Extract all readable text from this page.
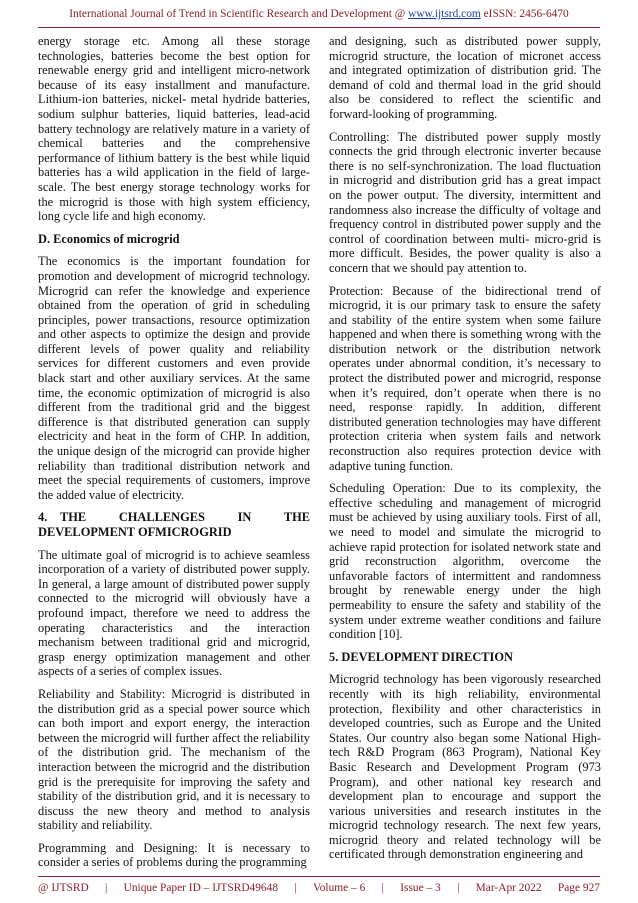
International Journal of Trend in Scientific Research and Development @ www.ijtsrd.com eISSN: 2456-6470

energy storage etc. Among all these storage technologies, batteries become the best option for renewable energy grid and intelligent micro-network because of its easy installment and manufacture. Lithium-ion batteries, nickel- metal hydride batteries, sodium sulphur batteries, liquid batteries, lead-acid battery technology are relatively mature in a variety of chemical batteries and the comprehensive performance of lithium battery is the best while liquid batteries has a wild application in the field of large-scale. The best energy storage technology works for the microgrid is those with high system efficiency, long cycle life and high economy.

D. Economics of microgrid

The economics is the important foundation for promotion and development of microgrid technology. Microgrid can refer the knowledge and experience obtained from the operation of grid in scheduling principles, power transactions, resource optimization and other aspects to optimize the design and provide different levels of power quality and reliability services for different customers and even provide black start and other auxiliary services. At the same time, the economic optimization of microgrid is also different from the traditional grid and the biggest difference is that distributed generation can supply electricity and heat in the form of CHP. In addition, the unique design of the microgrid can provide higher reliability than traditional distribution network and meet the special requirements of customers, improve the added value of electricity.

4.	THE CHALLENGES IN THE

DEVELOPMENT OFMICROGRID

The ultimate goal of microgrid is to achieve seamless incorporation of a variety of distributed power supply. In general, a large amount of distributed power supply connected to the microgrid will obviously have a profound impact, therefore we need to address the operating characteristics and the interaction mechanism between traditional grid and microgrid, grasp energy optimization management and other aspects of a series of complex issues.

Reliability and Stability: Microgrid is distributed in the distribution grid as a special power source which can both import and export energy, the interaction between the microgrid will further affect the reliability of the distribution grid. The mechanism of the interaction between the microgrid and the distribution grid is the prerequisite for improving the safety and stability of the distribution grid, and it is necessary to discuss the new theory and method to analysis stability and reliability.

Programming and Designing: It is necessary to consider a series of problems during the programming

and designing, such as distributed power supply, microgrid structure, the location of micronet access and integrated optimization of distribution grid. The demand of cold and thermal load in the grid should also be considered to reflect the scientific and forward-looking of programming.

Controlling: The distributed power supply mostly connects the grid through electronic inverter because there is no self-synchronization. The load fluctuation in microgrid and distribution grid has a great impact on the power output. The diversity, intermittent and randomness also increase the difficulty of voltage and frequency control in distributed power supply and the control of coordination between multi- micro-grid is more difficult. Besides, the power quality is also a concern that we should pay attention to.

Protection: Because of the bidirectional trend of microgrid, it is our primary task to ensure the safety and stability of the entire system when some failure happened and when there is something wrong with the distribution network or the distribution network operates under abnormal condition, it’s necessary to protect the distributed power and microgrid, response when it’s required, don’t operate when there is no need, response rapidly. In addition, different distributed generation technologies may have different protection criteria when system fails and network reconstruction also requires protection device with adaptive tuning function.

Scheduling Operation: Due to its complexity, the effective scheduling and management of microgrid must be achieved by using auxiliary tools. First of all, we need to model and simulate the microgrid to achieve rapid protection for isolated network state and grid reconstruction algorithm, overcome the unfavorable factors of intermittent and randomness brought by renewable energy under the high permeability to ensure the safety and stability of the system under extreme weather conditions and failure condition [10].

5. DEVELOPMENT DIRECTION

Microgrid technology has been vigorously researched recently with its high reliability, environmental protection, flexibility and other characteristics in developed countries, such as Europe and the United States. Our country also began some National High-tech R&D Program (863 Program), National Key Basic Research and Development Program (973 Program), and other national key research and development plan to encourage and support the various universities and research institutes in the microgrid technology research. The next few years, microgrid theory and related technology will be certificated through demonstration engineering and

@ IJTSRD | Unique Paper ID – IJTSRD49648 | Volume – 6 | Issue – 3 | Mar-Apr 2022 Page 927
